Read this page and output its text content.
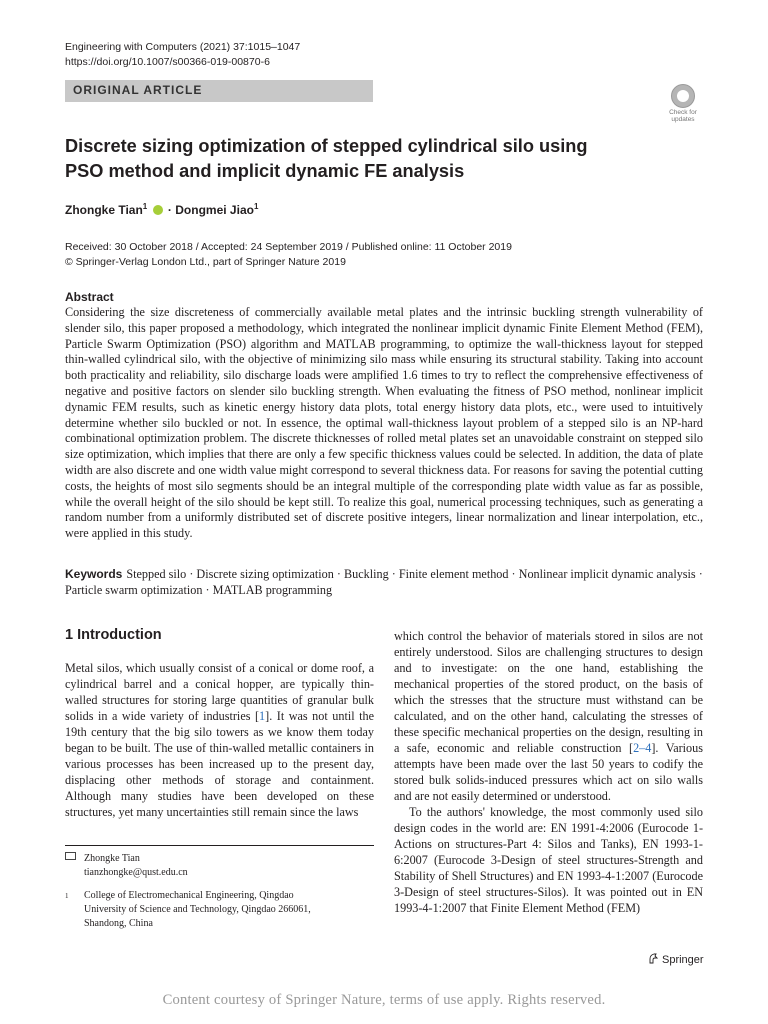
Engineering with Computers (2021) 37:1015–1047
https://doi.org/10.1007/s00366-019-00870-6
ORIGINAL ARTICLE
Check for updates
Discrete sizing optimization of stepped cylindrical silo using PSO method and implicit dynamic FE analysis
Zhongke Tian$^1$  · Dongmei Jiao$^1$
Received: 30 October 2018 / Accepted: 24 September 2019 / Published online: 11 October 2019
© Springer-Verlag London Ltd., part of Springer Nature 2019
Abstract
Considering the size discreteness of commercially available metal plates and the intrinsic buckling strength vulnerability of slender silo, this paper proposed a methodology, which integrated the nonlinear implicit dynamic Finite Element Method (FEM), Particle Swarm Optimization (PSO) algorithm and MATLAB programming, to optimize the wall-thickness layout for stepped thin-walled cylindrical silo, with the objective of minimizing silo mass while ensuring its structural stability. Taking into account both practicality and reliability, silo discharge loads were amplified 1.6 times to try to reflect the comprehensive effectiveness of negative and positive factors on slender silo buckling strength. When evaluating the fitness of PSO method, nonlinear implicit dynamic FEM results, such as kinetic energy history data plots, total energy history data plots, etc., were used to intuitively determine whether silo buckled or not. In essence, the optimal wall-thickness layout problem of a stepped silo is an NP-hard combinational optimization problem. The discrete thicknesses of rolled metal plates set an unavoidable constraint on stepped silo size optimization, which implies that there are only a few specific thickness values could be selected. In addition, the data of plate width are also discrete and one width value might correspond to several thickness data. For reasons for saving the potential cutting costs, the heights of most silo segments should be an integral multiple of the corresponding plate width value as far as possible, while the overall height of the silo should be kept still. To realize this goal, numerical processing techniques, such as generating a random number from a uniformly distributed set of discrete positive integers, linear normalization and linear interpolation, etc., were applied in this study.
Keywords Stepped silo · Discrete sizing optimization · Buckling · Finite element method · Nonlinear implicit dynamic analysis · Particle swarm optimization · MATLAB programming
1 Introduction

Metal silos, which usually consist of a conical or dome roof, a cylindrical barrel and a conical hopper, are typically thin-walled structures for storing large quantities of granular bulk solids in a wide variety of industries [1]. It was not until the 19th century that the big silo towers as we know them today began to be built. The use of thin-walled metallic containers in various processes has been increased up to the present day, displacing other methods of storage and containment. Although many studies have been developed on these structures, yet many uncertainties still remain since the laws

which control the behavior of materials stored in silos are not entirely understood. Silos are challenging structures to design and to investigate: on the one hand, establishing the mechanical properties of the stored product, on the basis of which the stresses that the structure must withstand can be calculated, and on the other hand, calculating the stresses of these specific mechanical properties on the design, resulting in a safe, economic and reliable construction [2–4]. Various attempts have been made over the last 50 years to codify the stored bulk solids-induced pressures which act on silo walls and are not easily determined or understood.

To the authors' knowledge, the most commonly used silo design codes in the world are: EN 1991-4:2006 (Eurocode 1-Actions on structures-Part 4: Silos and Tanks), EN 1993-1-6:2007 (Eurocode 3-Design of steel structures-Strength and Stability of Shell Structures) and EN 1993-4-1:2007 (Eurocode 3-Design of steel structures-Silos). It was pointed out in EN 1993-4-1:2007 that Finite Element Method (FEM)

Zhongke Tian
tianzhongke@qust.edu.cn
1	College of Electromechanical Engineering, Qingdao
University of Science and Technology, Qingdao 266061,
Shandong, China
Springer
Content courtesy of Springer Nature, terms of use apply. Rights reserved.
